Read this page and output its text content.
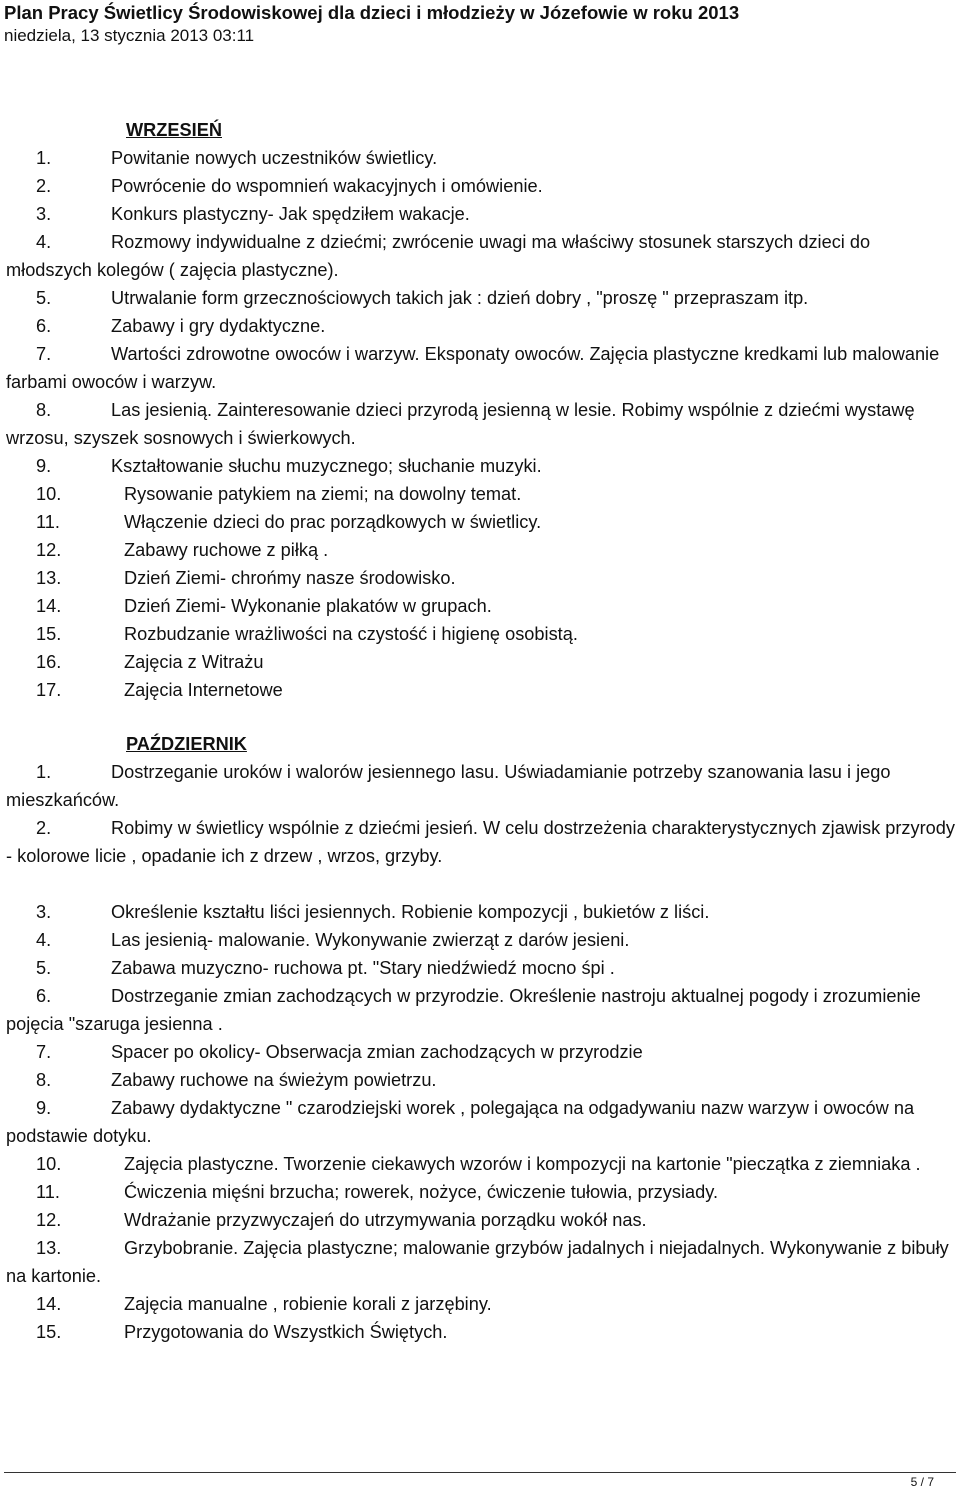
Plan Pracy Świetlicy Środowiskowej dla dzieci i młodzieży w Józefowie w roku 2013

niedziela, 13 stycznia 2013 03:11

WRZESIEŃ
1.	Powitanie nowych uczestników świetlicy.
2.	Powrócenie do wspomnień wakacyjnych i omówienie.
3.	Konkurs plastyczny- Jak spędziłem wakacje.
4.	Rozmowy indywidualne z dziećmi; zwrócenie uwagi ma właściwy stosunek starszych dzieci do młodszych kolegów ( zajęcia plastyczne).
5.	Utrwalanie form grzecznościowych takich jak : dzień dobry , "proszę " przepraszam itp.
6.	Zabawy i gry dydaktyczne.
7.	Wartości zdrowotne owoców i warzyw. Eksponaty owoców. Zajęcia plastyczne kredkami lub malowanie farbami owoców i warzyw.
8.	Las jesienią. Zainteresowanie dzieci przyrodą jesienną w lesie. Robimy wspólnie z dziećmi wystawę wrzosu, szyszek sosnowych i świerkowych.
9.	Kształtowanie słuchu muzycznego; słuchanie muzyki.
10.	Rysowanie patykiem na ziemi; na dowolny temat.
11.	Włączenie dzieci do prac porządkowych w świetlicy.
12.	Zabawy ruchowe z piłką .
13.	Dzień Ziemi- chrońmy nasze środowisko.
14.	Dzień Ziemi- Wykonanie plakatów w grupach.
15.	Rozbudzanie wrażliwości na czystość i higienę osobistą.
16.	Zajęcia z Witrażu
17.	Zajęcia Internetowe
PAŹDZIERNIK
1.	Dostrzeganie uroków i walorów jesiennego lasu. Uświadamianie potrzeby szanowania lasu i jego mieszkańców.
2.	Robimy w świetlicy wspólnie z dziećmi jesień. W celu dostrzeżenia charakterystycznych zjawisk przyrody - kolorowe licie , opadanie ich z drzew , wrzos, grzyby.
3.	Określenie kształtu liści jesiennych. Robienie kompozycji , bukietów z liści.
4.	Las jesienią- malowanie. Wykonywanie zwierząt z darów jesieni.
5.	Zabawa muzyczno- ruchowa pt. "Stary niedźwiedź mocno śpi .
6.	Dostrzeganie zmian zachodzących w przyrodzie. Określenie nastroju aktualnej pogody i zrozumienie pojęcia "szaruga jesienna .
7.	Spacer po okolicy- Obserwacja zmian zachodzących w przyrodzie
8.	Zabawy ruchowe na świeżym powietrzu.
9.	Zabawy dydaktyczne " czarodziejski worek , polegająca na odgadywaniu nazw warzyw i owoców na podstawie dotyku.
10.	Zajęcia plastyczne. Tworzenie ciekawych wzorów i kompozycji na kartonie "pieczątka z ziemniaka .
11.	Ćwiczenia mięśni brzucha; rowerek, nożyce, ćwiczenie tułowia, przysiady.
12.	Wdrażanie przyzwyczajeń do utrzymywania porządku wokół nas.
13.	Grzybobranie. Zajęcia plastyczne; malowanie grzybów jadalnych i niejadalnych. Wykonywanie z bibuły na kartonie.
14.	Zajęcia manualne , robienie korali z jarzębiny.
15.	Przygotowania do Wszystkich Świętych.
5 / 7
